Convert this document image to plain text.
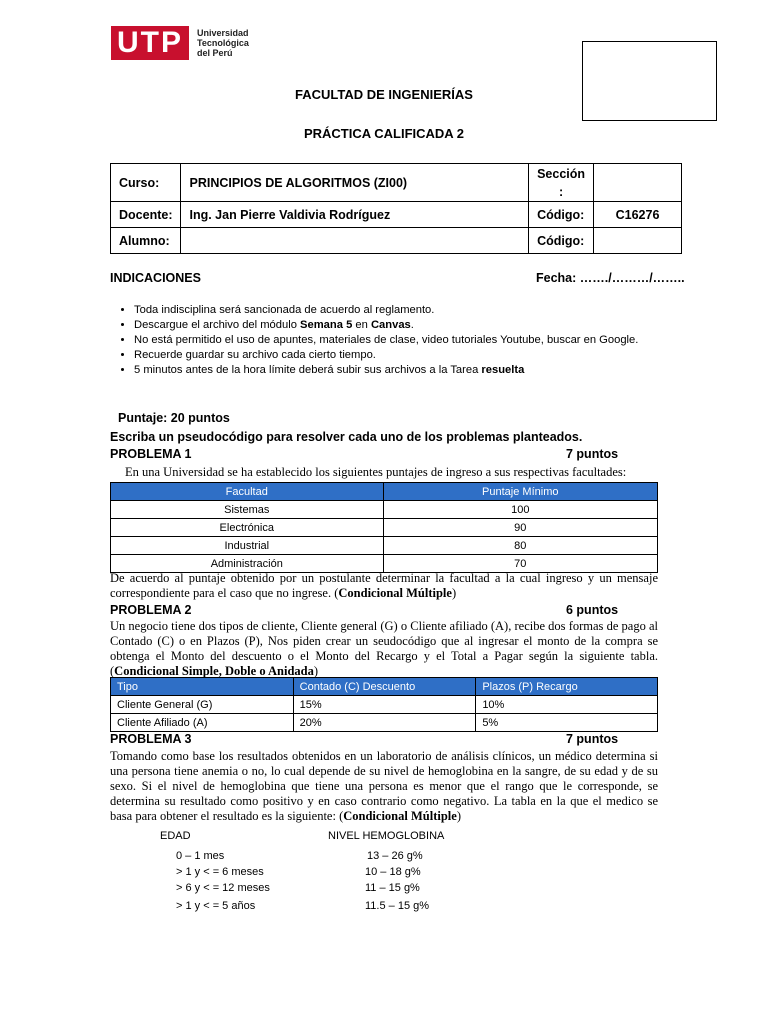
UTP Universidad
Tecnológica
del Perú
FACULTAD DE INGENIERÍAS
PRÁCTICA CALIFICADA 2
Curso:	PRINCIPIOS DE ALGORITMOS (ZI00)	Sección :	
Docente:	Ing. Jan Pierre Valdivia Rodríguez	Código:	C16276
Alumno:		Código:	
INDICACIONES	Fecha: ……./………/……..
• Toda indisciplina será sancionada de acuerdo al reglamento.
• Descargue el archivo del módulo Semana 5 en Canvas.
• No está permitido el uso de apuntes, materiales de clase, video tutoriales Youtube, buscar en Google.
• Recuerde guardar su archivo cada cierto tiempo.
• 5 minutos antes de la hora límite deberá subir sus archivos a la Tarea resuelta
Puntaje: 20 puntos
Escriba un pseudocódigo para resolver cada uno de los problemas planteados.
PROBLEMA 1	7 puntos
En una Universidad se ha establecido los siguientes puntajes de ingreso a sus respectivas facultades:
Facultad	Puntaje Mínimo
Sistemas	100
Electrónica	90
Industrial	80
Administración	70
De acuerdo al puntaje obtenido por un postulante determinar la facultad a la cual ingreso y un mensaje correspondiente para el caso que no ingrese. (Condicional Múltiple)
PROBLEMA 2	6 puntos
Un negocio tiene dos tipos de cliente, Cliente general (G) o Cliente afiliado (A), recibe dos formas de pago al Contado (C) o en Plazos (P), Nos piden crear un seudocódigo que al ingresar el monto de la compra se obtenga el Monto del descuento o el Monto del Recargo y el Total a Pagar según la siguiente tabla. (Condicional Simple, Doble o Anidada)
Tipo	Contado (C) Descuento	Plazos (P) Recargo
Cliente General (G)	15%	10%
Cliente Afiliado (A)	20%	5%
PROBLEMA 3	7 puntos
Tomando como base los resultados obtenidos en un laboratorio de análisis clínicos, un médico determina si una persona tiene anemia o no, lo cual depende de su nivel de hemoglobina en la sangre, de su edad y de su sexo. Si el nivel de hemoglobina que tiene una persona es menor que el rango que le corresponde, se determina su resultado como positivo y en caso contrario como negativo. La tabla en la que el medico se basa para obtener el resultado es la siguiente: (Condicional Múltiple)
EDAD	NIVEL HEMOGLOBINA
0 – 1 mes	13 – 26 g%
> 1 y < = 6 meses	10 – 18 g%
> 6 y < = 12 meses	11 – 15 g%
> 1 y < = 5 años	11.5 – 15 g%
